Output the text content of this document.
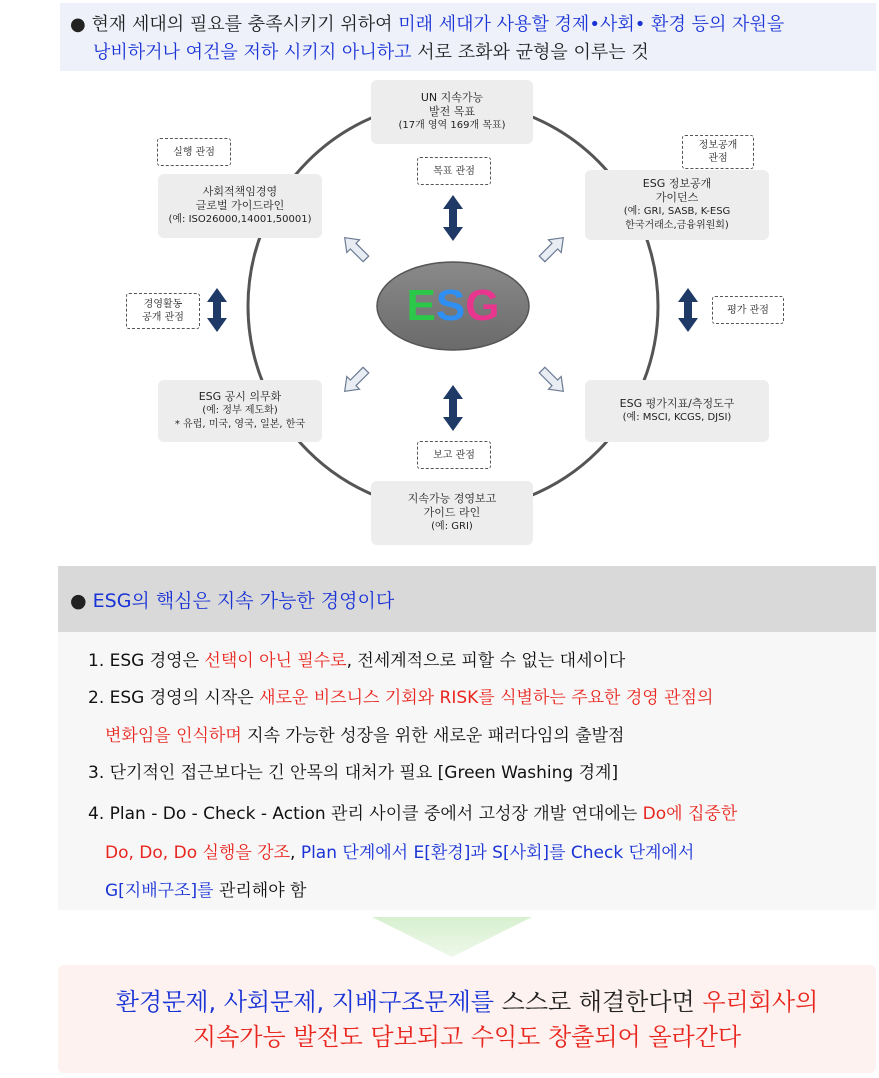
● 현재 세대의 필요를 충족시키기 위하여 미래 세대가 사용할 경제•사회• 환경 등의 자원을
낭비하거나 여건을 저하 시키지 아니하고 서로 조화와 균형을 이루는 것
ESG
UN 지속가능
발전 목표
(17개 영역 169개 목표)
ESG 정보공개
가이던스
(예: GRI, SASB, K-ESG
한국거래소,금융위원회)
ESG 평가지표/측정도구
(예: MSCI, KCGS, DJSI)
지속가능 경영보고
가이드 라인
(예: GRI)
ESG 공시 의무화
(예: 정부 제도화)
* 유럽, 미국, 영국, 일본, 한국
사회적책임경영
글로벌 가이드라인
(예: ISO26000,14001,50001)
목표 관점
정보공개
관점
평가 관점
보고 관점
경영활동
공개 관점
실행 관점
● ESG의 핵심은 지속 가능한 경영이다
1. ESG 경영은 선택이 아닌 필수로, 전세계적으로 피할 수 없는 대세이다
2. ESG 경영의 시작은 새로운 비즈니스 기회와 RISK를 식별하는 주요한 경영 관점의
변화임을 인식하며 지속 가능한 성장을 위한 새로운 패러다임의 출발점
3. 단기적인 접근보다는 긴 안목의 대처가 필요 [Green Washing 경계]
4. Plan - Do - Check - Action 관리 사이클 중에서 고성장 개발 연대에는 Do에 집중한
Do, Do, Do 실행을 강조, Plan 단계에서 E[환경]과 S[사회]를 Check 단계에서
G[지배구조]를 관리해야 함
환경문제, 사회문제, 지배구조문제를 스스로 해결한다면 우리회사의
지속가능 발전도 담보되고 수익도 창출되어 올라간다
